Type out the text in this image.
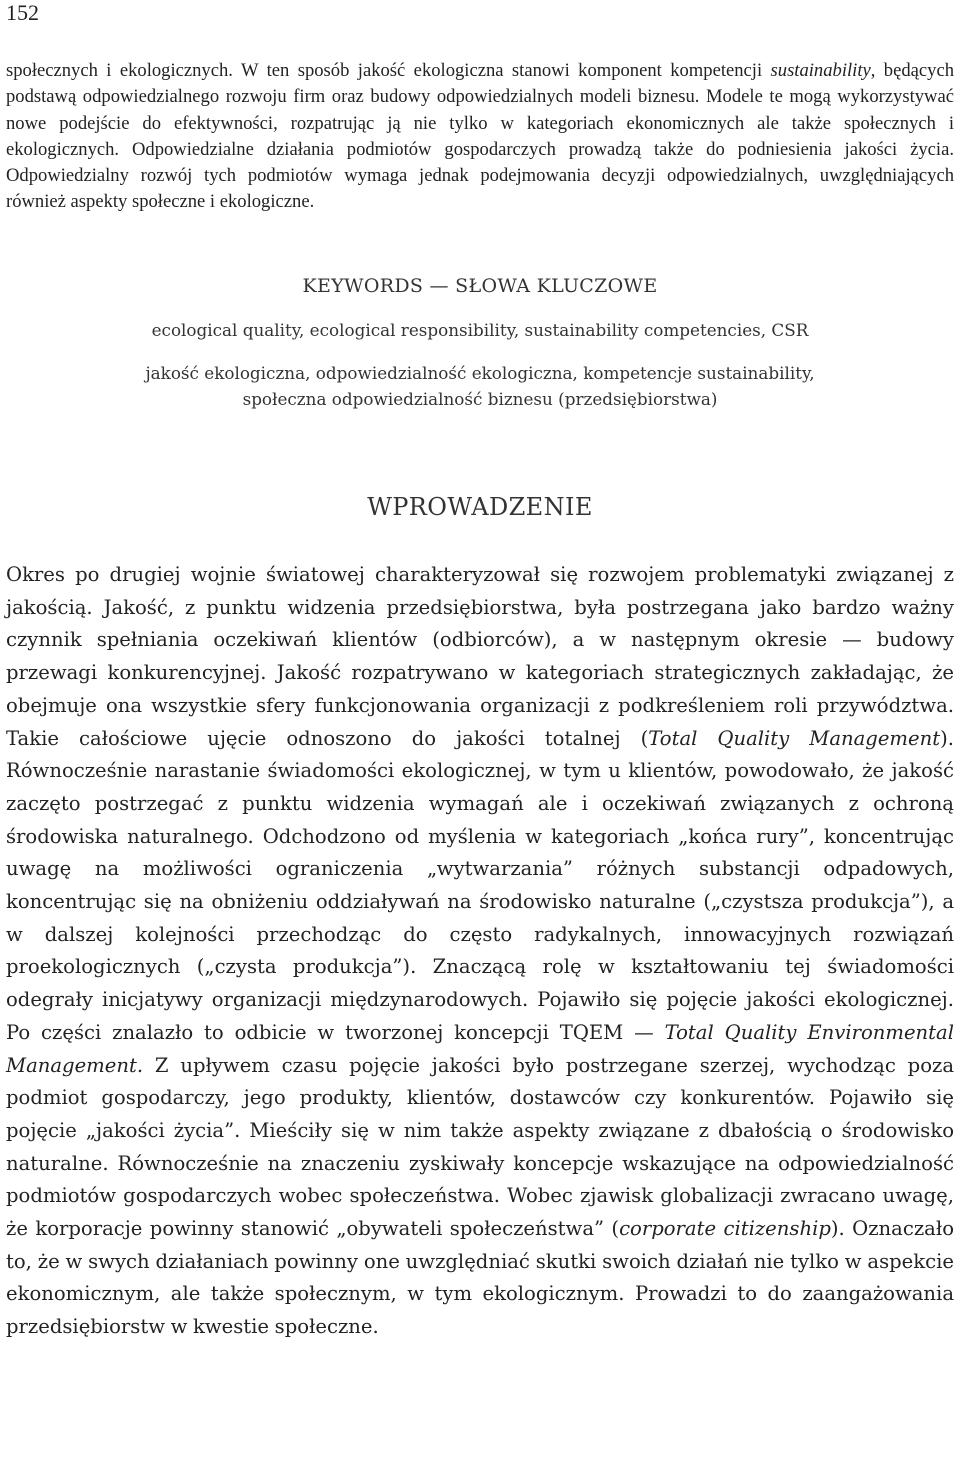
152

społecznych i ekologicznych. W ten sposób jakość ekologiczna stanowi komponent kompetencji sustainability, będących podstawą odpowiedzialnego rozwoju firm oraz budowy odpowiedzialnych modeli biznesu. Modele te mogą wykorzystywać nowe podejście do efektywności, rozpatrując ją nie tylko w kategoriach ekonomicznych ale także społecznych i ekologicznych. Odpowiedzialne działania podmiotów gospodarczych prowadzą także do podniesienia jakości życia. Odpowiedzialny rozwój tych podmiotów wymaga jednak podejmowania decyzji odpowiedzialnych, uwzględniających również aspekty społeczne i ekologiczne.

KEYWORDS — SŁOWA KLUCZOWE

ecological quality, ecological responsibility, sustainability competencies, CSR

jakość ekologiczna, odpowiedzialność ekologiczna, kompetencje sustainability,
społeczna odpowiedzialność biznesu (przedsiębiorstwa)

WPROWADZENIE

Okres po drugiej wojnie światowej charakteryzował się rozwojem problematyki związanej z jakością. Jakość, z punktu widzenia przedsiębiorstwa, była postrzegana jako bardzo ważny czynnik spełniania oczekiwań klientów (odbiorców), a w następnym okresie — budowy przewagi konkurencyjnej. Jakość rozpatrywano w kategoriach strategicznych zakładając, że obejmuje ona wszystkie sfery funkcjonowania organizacji z podkreśleniem roli przywództwa. Takie całościowe ujęcie odnoszono do jakości totalnej (Total Quality Management). Równocześnie narastanie świadomości ekologicznej, w tym u klientów, powodowało, że jakość zaczęto postrzegać z punktu widzenia wymagań ale i oczekiwań związanych z ochroną środowiska naturalnego. Odchodzono od myślenia w kategoriach „końca rury”, koncentrując uwagę na możliwości ograniczenia „wytwarzania” różnych substancji odpadowych, koncentrując się na obniżeniu oddziaływań na środowisko naturalne („czystsza produkcja”), a w dalszej kolejności przechodząc do często radykalnych, innowacyjnych rozwiązań proekologicznych („czysta produkcja”). Znaczącą rolę w kształtowaniu tej świadomości odegrały inicjatywy organizacji międzynarodowych. Pojawiło się pojęcie jakości ekologicznej. Po części znalazło to odbicie w tworzonej koncepcji TQEM — Total Quality Environmental Management. Z upływem czasu pojęcie jakości było postrzegane szerzej, wychodząc poza podmiot gospodarczy, jego produkty, klientów, dostawców czy konkurentów. Pojawiło się pojęcie „jakości życia”. Mieściły się w nim także aspekty związane z dbałością o środowisko naturalne. Równocześnie na znaczeniu zyskiwały koncepcje wskazujące na odpowiedzialność podmiotów gospodarczych wobec społeczeństwa. Wobec zjawisk globalizacji zwracano uwagę, że korporacje powinny stanowić „obywateli społeczeństwa” (corporate citizenship). Oznaczało to, że w swych działaniach powinny one uwzględniać skutki swoich działań nie tylko w aspekcie ekonomicznym, ale także społecznym, w tym ekologicznym. Prowadzi to do zaangażowania przedsiębiorstw w kwestie społeczne.
